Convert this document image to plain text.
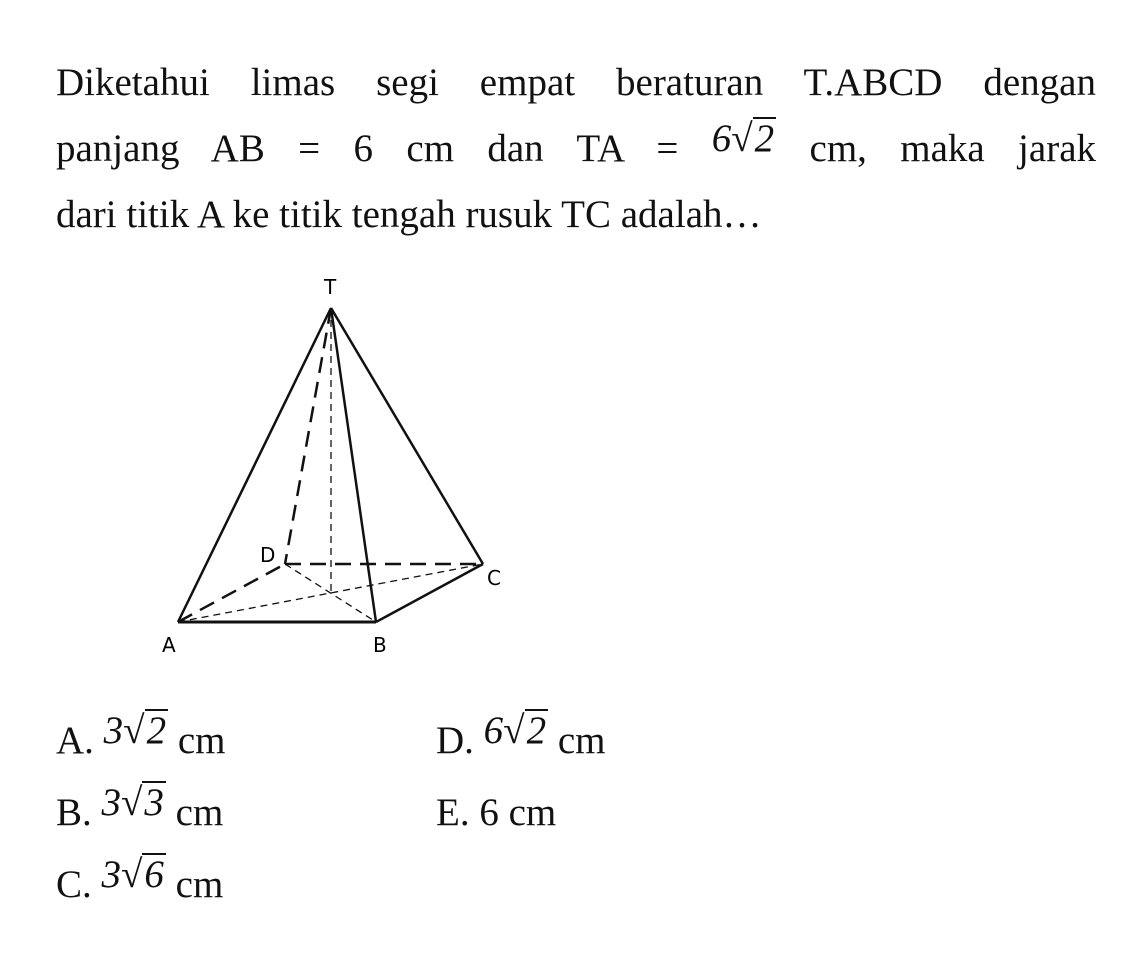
Diketahui limas segi empat beraturan T.ABCD dengan
panjang AB = 6 cm dan TA = 6√2 cm, maka jarak
dari titik A ke titik tengah rusuk TC adalah…
T
A	B
C
D
A. 3√2 cm
B. 3√3 cm
C. 3√6 cm
D. 6√2 cm
E. 6 cm
